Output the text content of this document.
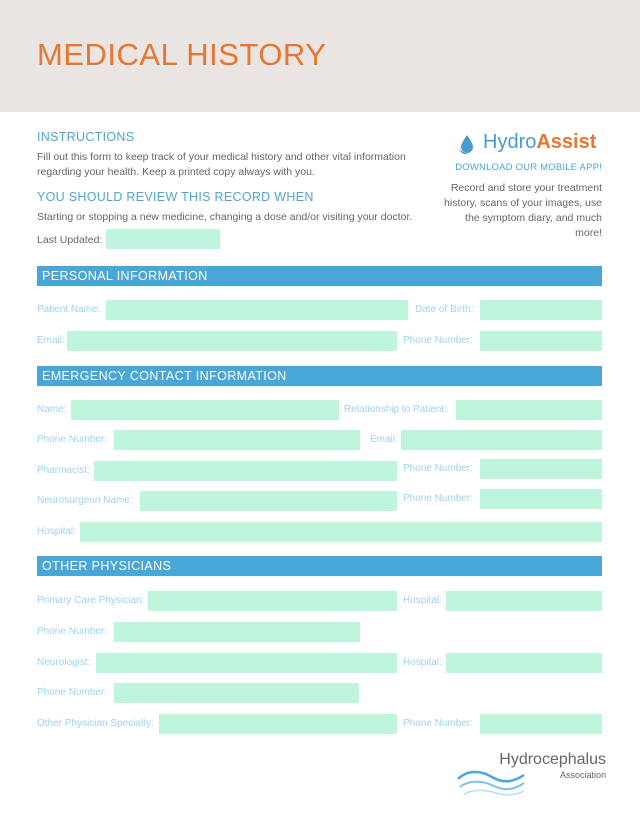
MEDICAL HISTORY
INSTRUCTIONS
Fill out this form to keep track of your medical history and other vital information regarding your health. Keep a printed copy always with you.
YOU SHOULD REVIEW THIS RECORD WHEN
Starting or stopping a new medicine, changing a dose and/or visiting your doctor.
Last Updated:
HydroAssist
DOWNLOAD OUR MOBILE APP!
Record and store your treatment history, scans of your images, use the symptom diary, and much more!
PERSONAL INFORMATION
Patient Name:	Date of Birth:
Email:	Phone Number:
EMERGENCY CONTACT INFORMATION
Name:	Relationship to Patient:
Phone Number:	Email:
Pharmacist:	Phone Number:
Neurosurgeon Name:	Phone Number:
Hospital:
OTHER PHYSICIANS
Primary Care Physician:	Hospital:
Phone Number:
Neurologist:	Hospital:
Phone Number:
Other Physician Specialty:	Phone Number:
Hydrocephalus
Association
